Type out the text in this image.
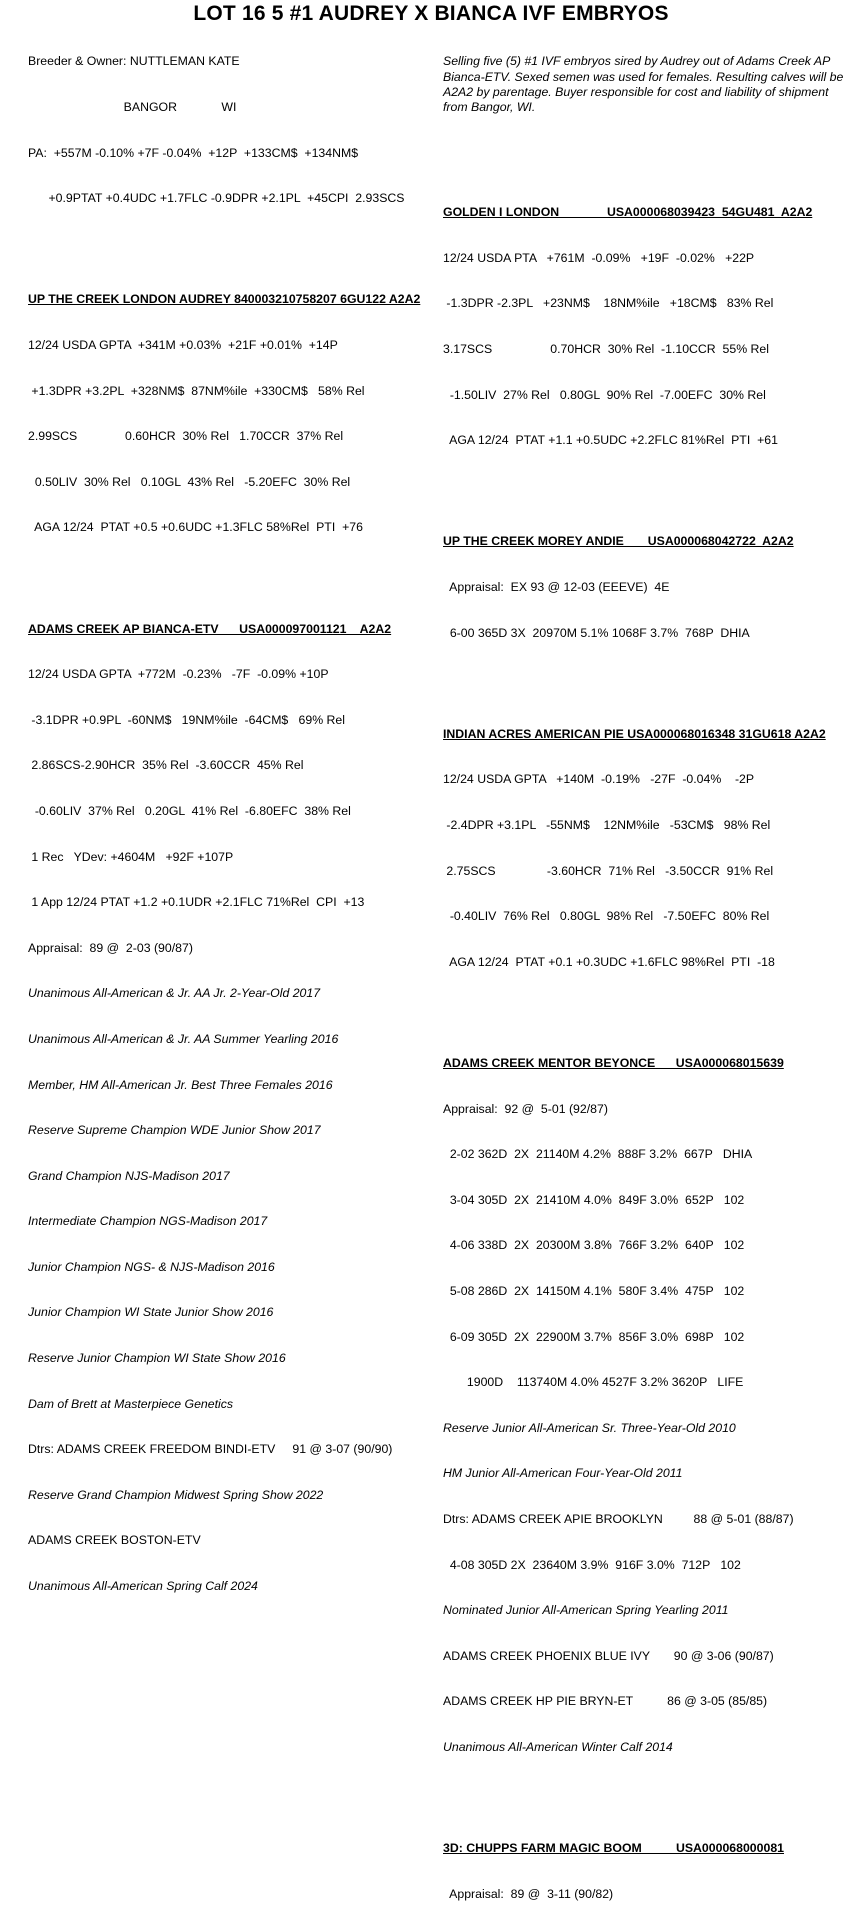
LOT 16 5 #1 AUDREY X BIANCA IVF EMBRYOS

Breeder & Owner: NUTTLEMAN KATE

BANGOR             WI

PA:  +557M -0.10% +7F -0.04%  +12P  +133CM$  +134NM$

+0.9PTAT +0.4UDC +1.7FLC -0.9DPR +2.1PL  +45CPI  2.93SCS

UP THE CREEK LONDON AUDREY 840003210758207 6GU122 A2A2

12/24 USDA GPTA  +341M +0.03%  +21F +0.01%  +14P

+1.3DPR +3.2PL  +328NM$  87NM%ile  +330CM$   58% Rel

2.99SCS              0.60HCR  30% Rel   1.70CCR  37% Rel

0.50LIV  30% Rel   0.10GL  43% Rel   -5.20EFC  30% Rel

AGA 12/24  PTAT +0.5 +0.6UDC +1.3FLC 58%Rel  PTI  +76

ADAMS CREEK AP BIANCA-ETV      USA000097001121    A2A2

12/24 USDA GPTA  +772M  -0.23%   -7F  -0.09% +10P

-3.1DPR +0.9PL  -60NM$   19NM%ile  -64CM$   69% Rel

2.86SCS-2.90HCR  35% Rel  -3.60CCR  45% Rel

-0.60LIV  37% Rel   0.20GL  41% Rel  -6.80EFC  38% Rel

1 Rec   YDev: +4604M   +92F +107P

1 App 12/24 PTAT +1.2 +0.1UDR +2.1FLC 71%Rel  CPI  +13

Appraisal:  89 @  2-03 (90/87)

Unanimous All-American & Jr. AA Jr. 2-Year-Old 2017

Unanimous All-American & Jr. AA Summer Yearling 2016

Member, HM All-American Jr. Best Three Females 2016

Reserve Supreme Champion WDE Junior Show 2017

Grand Champion NJS-Madison 2017

Intermediate Champion NGS-Madison 2017

Junior Champion NGS- & NJS-Madison 2016

Junior Champion WI State Junior Show 2016

Reserve Junior Champion WI State Show 2016

Dam of Brett at Masterpiece Genetics

Dtrs: ADAMS CREEK FREEDOM BINDI-ETV     91 @ 3-07 (90/90)

Reserve Grand Champion Midwest Spring Show 2022

ADAMS CREEK BOSTON-ETV

Unanimous All-American Spring Calf 2024

Selling five (5) #1 IVF embryos sired by Audrey out of Adams Creek AP Bianca-ETV. Sexed semen was used for females. Resulting calves will be A2A2 by parentage. Buyer responsible for cost and liability of shipment from Bangor, WI.

GOLDEN I LONDON              USA000068039423  54GU481  A2A2

12/24 USDA PTA   +761M  -0.09%   +19F  -0.02%   +22P

-1.3DPR -2.3PL   +23NM$    18NM%ile   +18CM$   83% Rel

3.17SCS                 0.70HCR  30% Rel  -1.10CCR  55% Rel

-1.50LIV  27% Rel   0.80GL  90% Rel  -7.00EFC  30% Rel

AGA 12/24  PTAT +1.1 +0.5UDC +2.2FLC 81%Rel  PTI  +61

UP THE CREEK MOREY ANDIE       USA000068042722  A2A2

Appraisal:  EX 93 @ 12-03 (EEEVE)  4E

6-00 365D 3X  20970M 5.1% 1068F 3.7%  768P  DHIA

INDIAN ACRES AMERICAN PIE USA000068016348 31GU618 A2A2

12/24 USDA GPTA   +140M  -0.19%   -27F  -0.04%    -2P

-2.4DPR +3.1PL   -55NM$    12NM%ile   -53CM$   98% Rel

2.75SCS               -3.60HCR  71% Rel   -3.50CCR  91% Rel

-0.40LIV  76% Rel   0.80GL  98% Rel   -7.50EFC  80% Rel

AGA 12/24  PTAT +0.1 +0.3UDC +1.6FLC 98%Rel  PTI  -18

ADAMS CREEK MENTOR BEYONCE      USA000068015639

Appraisal:  92 @  5-01 (92/87)

2-02 362D  2X  21140M 4.2%  888F 3.2%  667P   DHIA

3-04 305D  2X  21410M 4.0%  849F 3.0%  652P   102

4-06 338D  2X  20300M 3.8%  766F 3.2%  640P   102

5-08 286D  2X  14150M 4.1%  580F 3.4%  475P   102

6-09 305D  2X  22900M 3.7%  856F 3.0%  698P   102

1900D    113740M 4.0% 4527F 3.2% 3620P   LIFE

Reserve Junior All-American Sr. Three-Year-Old 2010

HM Junior All-American Four-Year-Old 2011

Dtrs: ADAMS CREEK APIE BROOKLYN         88 @ 5-01 (88/87)

4-08 305D 2X  23640M 3.9%  916F 3.0%  712P   102

Nominated Junior All-American Spring Yearling 2011

ADAMS CREEK PHOENIX BLUE IVY       90 @ 3-06 (90/87)

ADAMS CREEK HP PIE BRYN-ET          86 @ 3-05 (85/85)

Unanimous All-American Winter Calf 2014

3D: CHUPPS FARM MAGIC BOOM          USA000068000081

Appraisal:  89 @  3-11 (90/82)
